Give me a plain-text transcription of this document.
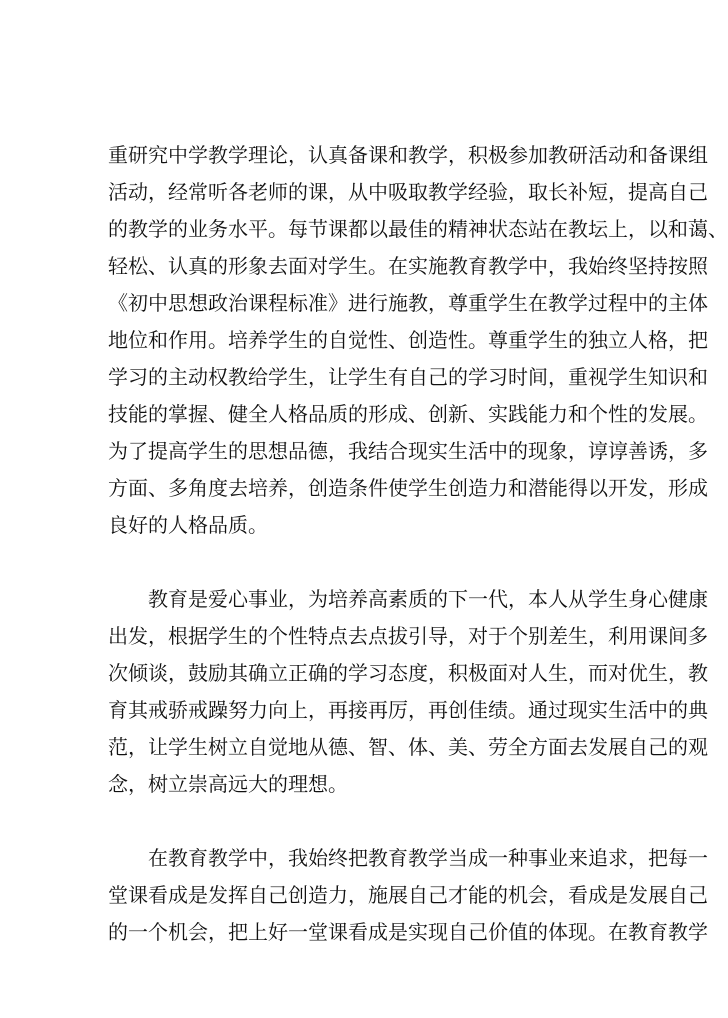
重研究中学教学理论，认真备课和教学，积极参加教研活动和备课组
活动，经常听各老师的课，从中吸取教学经验，取长补短，提高自己
的教学的业务水平。每节课都以最佳的精神状态站在教坛上，以和蔼、
轻松、认真的形象去面对学生。在实施教育教学中，我始终坚持按照
《初中思想政治课程标准》进行施教，尊重学生在教学过程中的主体
地位和作用。培养学生的自觉性、创造性。尊重学生的独立人格，把
学习的主动权教给学生，让学生有自己的学习时间，重视学生知识和
技能的掌握、健全人格品质的形成、创新、实践能力和个性的发展。
为了提高学生的思想品德，我结合现实生活中的现象，谆谆善诱，多
方面、多角度去培养，创造条件使学生创造力和潜能得以开发，形成
良好的人格品质。
教育是爱心事业，为培养高素质的下一代，本人从学生身心健康
出发，根据学生的个性特点去点拔引导，对于个别差生，利用课间多
次倾谈，鼓励其确立正确的学习态度，积极面对人生，而对优生，教
育其戒骄戒躁努力向上，再接再厉，再创佳绩。通过现实生活中的典
范，让学生树立自觉地从德、智、体、美、劳全方面去发展自己的观
念，树立崇高远大的理想。
在教育教学中，我始终把教育教学当成一种事业来追求，把每一
堂课看成是发挥自己创造力，施展自己才能的机会，看成是发展自己
的一个机会，把上好一堂课看成是实现自己价值的体现。在教育教学
